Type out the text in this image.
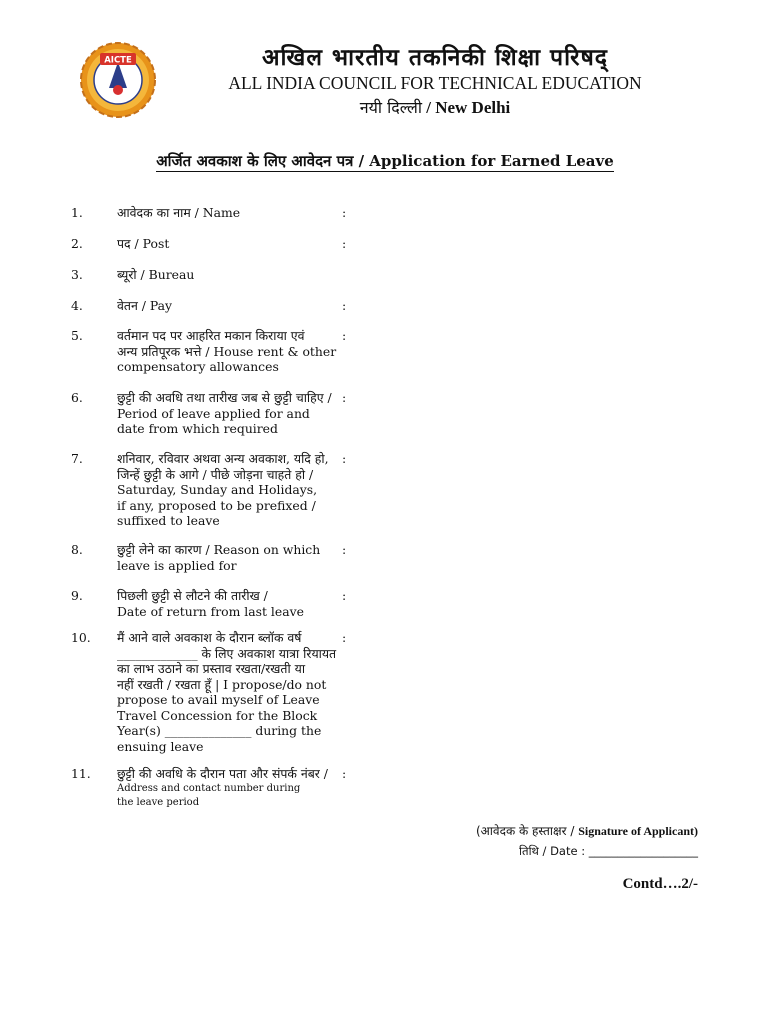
AICTE	अखिल भारतीय तकनिकी शिक्षा परिषद्
ALL INDIA COUNCIL FOR TECHNICAL EDUCATION
नयी दिल्ली / New Delhi
अर्जित अवकाश के लिए आवेदन पत्र / Application for Earned Leave
1.	आवेदक का नाम / Name	:
2.	पद / Post	:
3.	ब्यूरो / Bureau
4.	वेतन / Pay	:
5.	वर्तमान पद पर आहरित मकान किराया एवं
अन्य प्रतिपूरक भत्ते / House rent & other
compensatory allowances
:
6.	छुट्टी की अवधि तथा तारीख जब से छुट्टी चाहिए /
Period of leave applied for and
date from which required
:
7.	शनिवार, रविवार अथवा अन्य अवकाश, यदि हो,
जिन्हें छुट्टी के आगे / पीछे जोड़ना चाहते हो /
Saturday, Sunday and Holidays,
if any, proposed to be prefixed /
suffixed to leave
:
8.	छुट्टी लेने का कारण / Reason on which
leave is applied for
:
9.	पिछली छुट्टी से लौटने की तारीख /
Date of return from last leave
:
10. मैं आने वाले अवकाश के दौरान ब्लॉक वर्ष
_____________ के लिए अवकाश यात्रा रियायत
का लाभ उठाने का प्रस्ताव रखता/रखती या
नहीं रखती / रखता हूँ | I propose/do not
propose to avail myself of Leave
Travel Concession for the Block
Year(s) ______________ during the
ensuing leave
:
11. छुट्टी की अवधि के दौरान पता और संपर्क नंबर /
Address and contact number during
the leave period
:
(आवेदक के हस्ताक्षर / Signature of Applicant)
तिथि / Date : ___________________
Contd….2/-
